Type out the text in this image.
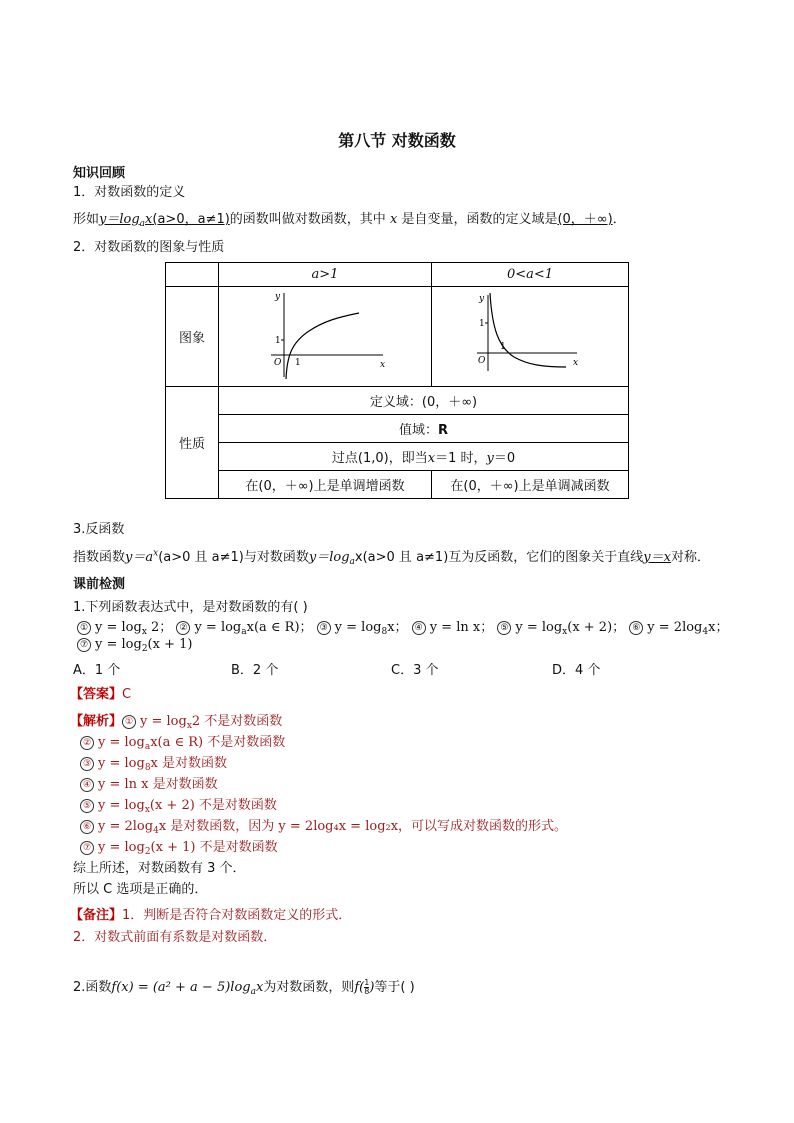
第八节 对数函数
知识回顾
1．对数函数的定义
形如$y=\log_ax(a>0$，a≠1)的函数叫做对数函数，其中 x 是自变量，函数的定义域是(0，＋∞)．
2．对数函数的图象与性质
	a>1	0<a<1
图象	y
x
O 1
1	y
x
O
1
1

性质	定义域：(0，＋∞)	
	值域：R	
	过点(1,0)，即当x＝1 时，y＝0	
	在(0，＋∞)上是单调增函数	在(0，＋∞)上是单调减函数
3.反函数
指数函数$y=a^x(a>0$ 且 a≠1)与对数函数$y=\log_ax(a>0$ 且 a≠1)互为反函数，它们的图象关于直线y＝x对称．
课前检测
1.下列函数表达式中，是对数函数的有( )
① $y = \log_x 2$； ② $y = \log_ax(a$ ∈ R)； ③ $y = \log_8x$； ④ y = ln x； ⑤ $y = \log_x(x + 2)$； ⑥ $y = 2\log_4x$；
⑦ $y = \log_2(x + 1)$
A．1 个	B．2 个	C．3 个	D．4 个
【答案】C
【解析】 ① $y = \log_x2$ 不是对数函数
② $y = \log_ax(a$ ∈ R) 不是对数函数
③ $y = \log_8x$ 是对数函数
④ y = ln x 是对数函数
⑤ $y = \log_x(x + 2)$ 不是对数函数
⑥ $y = 2\log_4x$ 是对数函数，因为 y = 2log₄x = log₂x，可以写成对数函数的形式。
⑦ $y = \log_2(x + 1)$ 不是对数函数
综上所述，对数函数有 3 个．
所以 C 选项是正确的．
【备注】1．判断是否符合对数函数定义的形式．
2．对数式前面有系数是对数函数．
2.函数$f(x) = (a^2 + a - 5)\log_ax$为对数函数，则$f( \frac{1}{8}$ )等于( )
